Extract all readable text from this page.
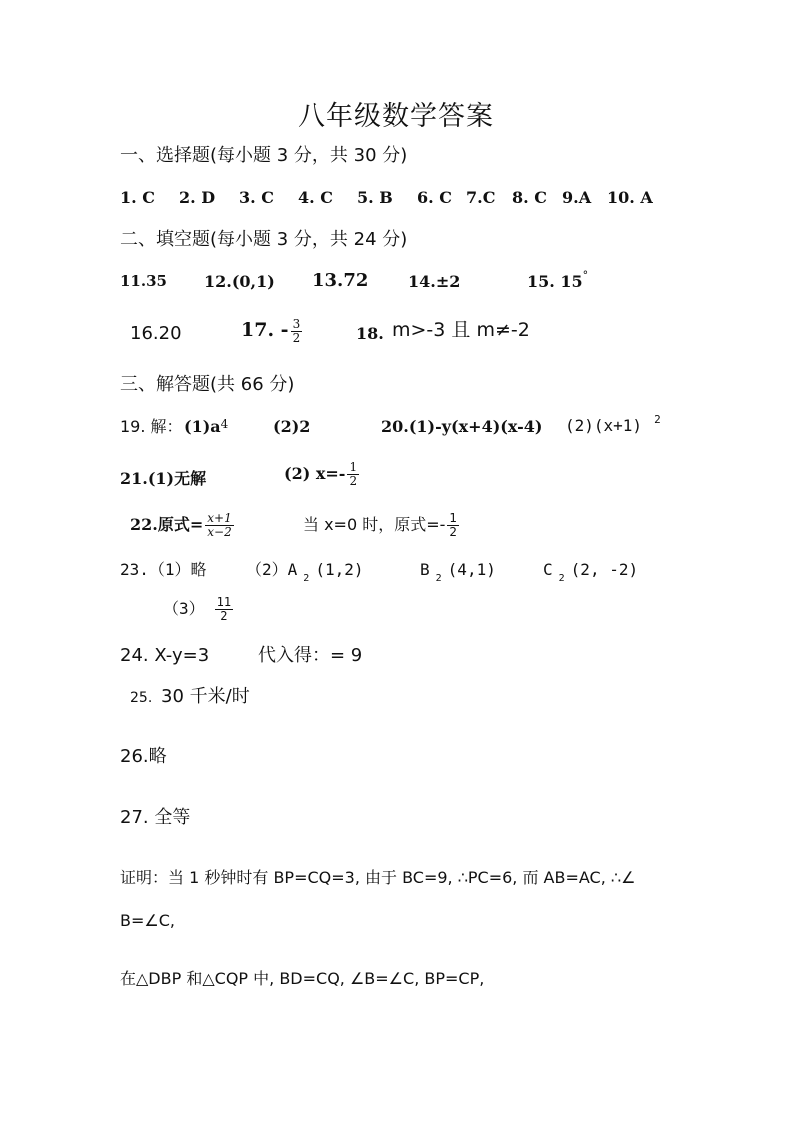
八年级数学答案
一、选择题(每小题 3 分，共 30 分)
1. C 2. D 3. C 4. C 5. B 6. C 7.C 8. C 9.A 10. A
二、填空题(每小题 3 分，共 24 分)
11.35 12.(0,1) 13.72 14.±2	15. 15°
16.20	17. - $\frac{3}{2}$	18. m>-3 且 m≠-2
三、解答题(共 66 分)
19. 解： $(1)a^4$	(2)2	20.(1)-y(x+4)(x-4) (2)(x+1) $^2$
21.(1)无解	(2) $x=- \frac{1}{2}$
22.原式= $\frac{x+1}{x-2}$	当 x=0 时，原式=- $\frac{1}{2}$
23.（1）略 （2）A $_2$ (1,2)	B $_2$ (4,1)	C $_2$ (2, -2)
$(3) \frac{11}{2}$
24. X-y=3	代入得：= 9
25. 30 千米/时
26.略
27. 全等
证明：当 1 秒钟时有 BP=CQ=3, 由于 BC=9, ∴PC=6, 而 AB=AC, ∴∠
B=∠C,
在△DBP 和△CQP 中, BD=CQ, ∠B=∠C, BP=CP,
